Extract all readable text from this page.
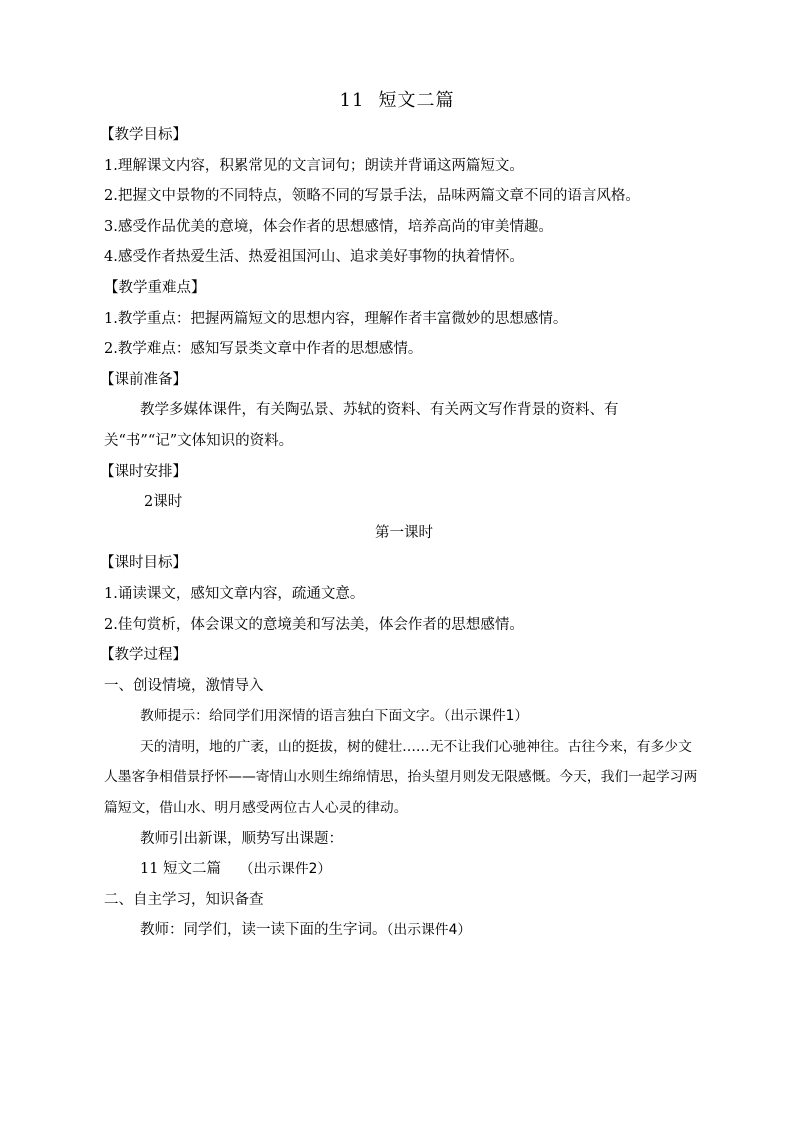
11 短文二篇
【教学目标】
1.理解课文内容，积累常见的文言词句；朗读并背诵这两篇短文。
2.把握文中景物的不同特点，领略不同的写景手法，品味两篇文章不同的语言风格。
3.感受作品优美的意境，体会作者的思想感情，培养高尚的审美情趣。
4.感受作者热爱生活、热爱祖国河山、追求美好事物的执着情怀。
【教学重难点】
1.教学重点：把握两篇短文的思想内容，理解作者丰富微妙的思想感情。
2.教学难点：感知写景类文章中作者的思想感情。
【课前准备】
教学多媒体课件，有关陶弘景、苏轼的资料、有关两文写作背景的资料、有关“书”“记”文体知识的资料。
【课时安排】
2课时
第一课时
【课时目标】
1.诵读课文，感知文章内容，疏通文意。
2.佳句赏析，体会课文的意境美和写法美，体会作者的思想感情。
【教学过程】
一、创设情境，激情导入
教师提示：给同学们用深情的语言独白下面文字。（出示课件1）
天的清明，地的广袤，山的挺拔，树的健壮……无不让我们心驰神往。古往今来，有多少文人墨客争相借景抒怀——寄情山水则生绵绵情思，抬头望月则发无限感慨。今天，我们一起学习两篇短文，借山水、明月感受两位古人心灵的律动。
教师引出新课，顺势写出课题：
11 短文二篇 （出示课件2）
二、自主学习，知识备查
教师：同学们，读一读下面的生字词。（出示课件4）
